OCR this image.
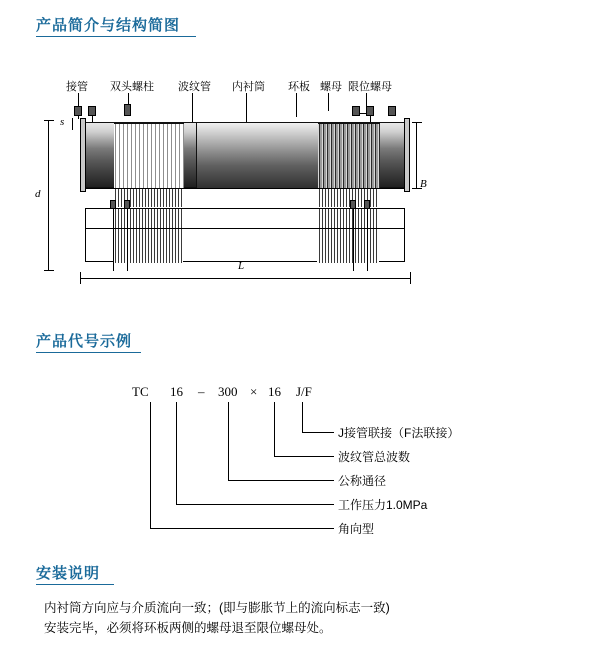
产品简介与结构简图
接管 双头螺柱 波纹管 内衬筒 环板 螺母 限位螺母
s
d
B
L
产品代号示例
TC 16 – 300 × 16 J/F
J接管联接（F法联接）
波纹管总波数
公称通径
工作压力1.0MPa
角向型
安装说明
内衬筒方向应与介质流向一致；(即与膨胀节上的流向标志一致)
安装完毕，必须将环板两侧的螺母退至限位螺母处。
